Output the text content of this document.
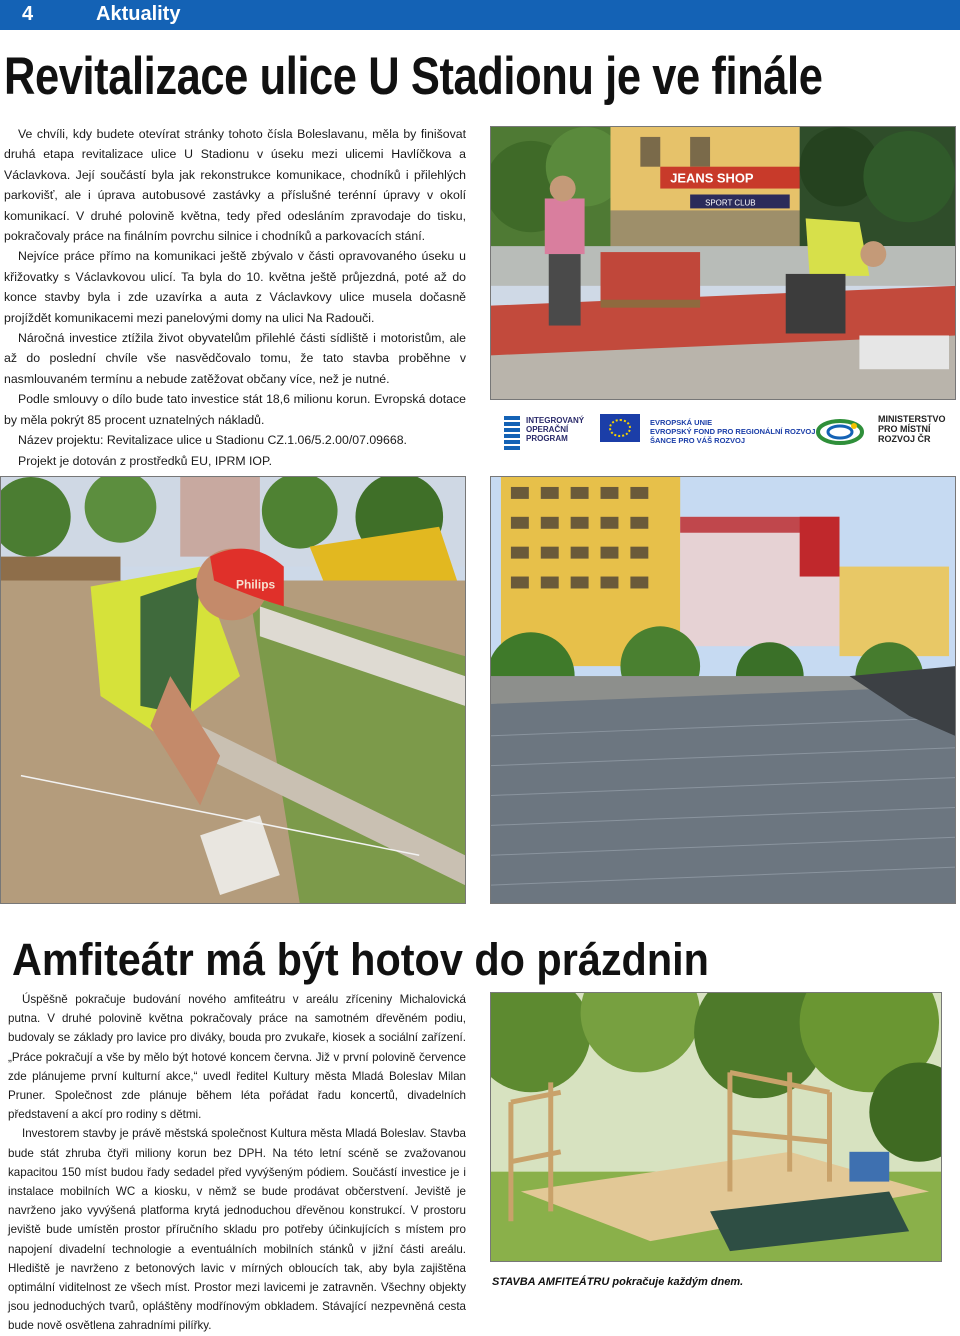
4	Aktuality
Revitalizace ulice U Stadionu je ve finále

Ve chvíli, kdy budete otevírat stránky tohoto čísla Boleslavanu, měla by finišovat druhá etapa revitalizace ulice U Stadionu v úseku mezi ulicemi Havlíčkova a Václavkova. Její součástí byla jak rekonstrukce komunikace, chodníků i přilehlých parkovišť, ale i úprava autobusové zastávky a příslušné terénní úpravy v okolí komunikací. V druhé polovině května, tedy před odesláním zpravodaje do tisku, pokračovaly práce na finálním povrchu silnice i chodníků a parkovacích stání.

Nejvíce práce přímo na komunikaci ještě zbývalo v části opravovaného úseku u křižovatky s Václavkovou ulicí. Ta byla do 10. května ještě průjezdná, poté až do konce stavby byla i zde uzavírka a auta z Václavkovy ulice musela dočasně projíždět komunikacemi mezi panelovými domy na ulici Na Radouči.

Náročná investice ztížila život obyvatelům přilehlé části sídliště i motoristům, ale až do poslední chvíle vše nasvědčovalo tomu, že tato stavba proběhne v nasmlouvaném termínu a nebude zatěžovat občany více, než je nutné.

Podle smlouvy o dílo bude tato investice stát 18,6 milionu korun. Evropská dotace by měla pokrýt 85 procent uznatelných nákladů.

Název projektu: Revitalizace ulice u Stadionu CZ.1.06/5.2.00/07.09668.

Projekt je dotován z prostředků EU, IPRM IOP.

JEANS SHOP
SPORT CLUB
INTEGROVANÝ
OPERAČNÍ
PROGRAM
EVROPSKÁ UNIE
EVROPSKÝ FOND PRO REGIONÁLNÍ ROZVOJ
ŠANCE PRO VÁŠ ROZVOJ
MINISTERSTVO
PRO MÍSTNÍ
ROZVOJ ČR
Philips
Amfiteátr má být hotov do prázdnin

Úspěšně pokračuje budování nového amfiteátru v areálu zříceniny Michalovická putna. V druhé polovině května pokračovaly práce na samotném dřevěném podiu, budovaly se základy pro lavice pro diváky, bouda pro zvukaře, kiosek a sociální zařízení. „Práce pokračují a vše by mělo být hotové koncem června. Již v první polovině července zde plánujeme první kulturní akce,“ uvedl ředitel Kultury města Mladá Boleslav Milan Pruner. Společnost zde plánuje během léta pořádat řadu koncertů, divadelních představení a akcí pro rodiny s dětmi.

Investorem stavby je právě městská společnost Kultura města Mladá Boleslav. Stavba bude stát zhruba čtyři miliony korun bez DPH. Na této letní scéně se zvažovanou kapacitou 150 míst budou řady sedadel před vyvýšeným pódiem. Součástí investice je i instalace mobilních WC a kiosku, v němž se bude prodávat občerstvení. Jeviště je navrženo jako vyvýšená platforma krytá jednoduchou dřevěnou konstrukcí. V prostoru jeviště bude umístěn prostor příručního skladu pro potřeby účinkujících s místem pro napojení divadelní technologie a eventuálních mobilních stánků v jižní části areálu. Hlediště je navrženo z betonových lavic v mírných obloucích tak, aby byla zajištěna optimální viditelnost ze všech míst. Prostor mezi lavicemi je zatravněn. Všechny objekty jsou jednoduchých tvarů, opláštěny modřínovým obkladem. Stávající nezpevněná cesta bude nově osvětlena zahradními pilířky.

STAVBA AMFITEÁTRU pokračuje každým dnem.
